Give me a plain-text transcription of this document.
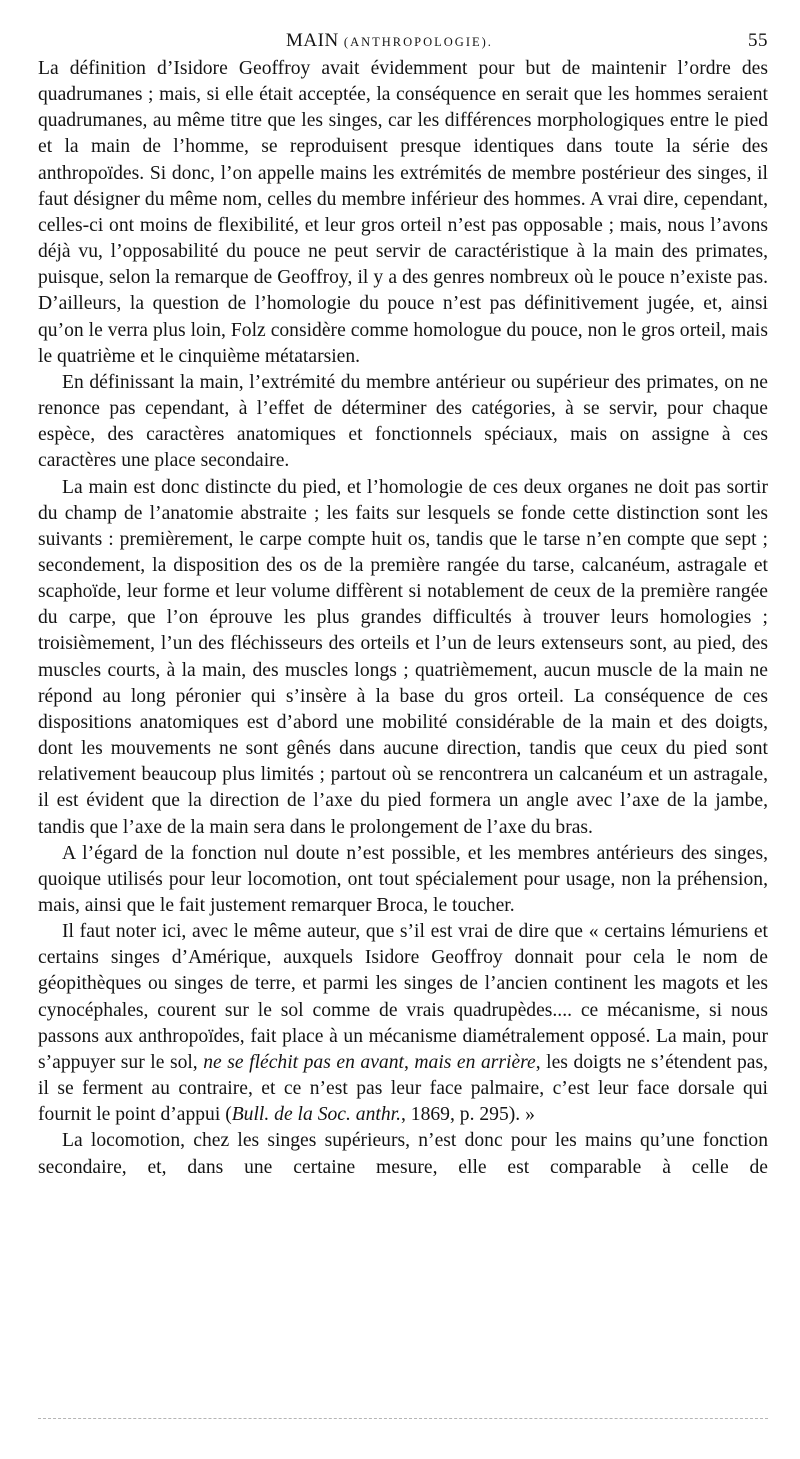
MAIN (ANTHROPOLOGIE).	55

La définition d’Isidore Geoffroy avait évidemment pour but de maintenir l’ordre des quadrumanes ; mais, si elle était acceptée, la conséquence en serait que les hommes seraient quadrumanes, au même titre que les singes, car les différences morphologiques entre le pied et la main de l’homme, se reproduisent presque identiques dans toute la série des anthropoïdes. Si donc, l’on appelle mains les extrémités de membre postérieur des singes, il faut désigner du même nom, celles du membre inférieur des hommes. A vrai dire, cependant, celles-ci ont moins de flexibilité, et leur gros orteil n’est pas opposable ; mais, nous l’avons déjà vu, l’opposabilité du pouce ne peut servir de caractéristique à la main des primates, puisque, selon la remarque de Geoffroy, il y a des genres nombreux où le pouce n’existe pas. D’ailleurs, la question de l’homologie du pouce n’est pas définitivement jugée, et, ainsi qu’on le verra plus loin, Folz considère comme homologue du pouce, non le gros orteil, mais le quatrième et le cinquième métatarsien.

En définissant la main, l’extrémité du membre antérieur ou supérieur des primates, on ne renonce pas cependant, à l’effet de déterminer des catégories, à se servir, pour chaque espèce, des caractères anatomiques et fonctionnels spéciaux, mais on assigne à ces caractères une place secondaire.

La main est donc distincte du pied, et l’homologie de ces deux organes ne doit pas sortir du champ de l’anatomie abstraite ; les faits sur lesquels se fonde cette distinction sont les suivants : premièrement, le carpe compte huit os, tandis que le tarse n’en compte que sept ; secondement, la disposition des os de la première rangée du tarse, calcanéum, astragale et scaphoïde, leur forme et leur volume diffèrent si notablement de ceux de la première rangée du carpe, que l’on éprouve les plus grandes difficultés à trouver leurs homologies ; troisièmement, l’un des fléchisseurs des orteils et l’un de leurs extenseurs sont, au pied, des muscles courts, à la main, des muscles longs ; quatrièmement, aucun muscle de la main ne répond au long péronier qui s’insère à la base du gros orteil. La conséquence de ces dispositions anatomiques est d’abord une mobilité considérable de la main et des doigts, dont les mouvements ne sont gênés dans aucune direction, tandis que ceux du pied sont relativement beaucoup plus limités ; partout où se rencontrera un calcanéum et un astragale, il est évident que la direction de l’axe du pied formera un angle avec l’axe de la jambe, tandis que l’axe de la main sera dans le prolongement de l’axe du bras.

A l’égard de la fonction nul doute n’est possible, et les membres antérieurs des singes, quoique utilisés pour leur locomotion, ont tout spécialement pour usage, non la préhension, mais, ainsi que le fait justement remarquer Broca, le toucher.

Il faut noter ici, avec le même auteur, que s’il est vrai de dire que « certains lémuriens et certains singes d’Amérique, auxquels Isidore Geoffroy donnait pour cela le nom de géopithèques ou singes de terre, et parmi les singes de l’ancien continent les magots et les cynocéphales, courent sur le sol comme de vrais quadrupèdes.... ce mécanisme, si nous passons aux anthropoïdes, fait place à un mécanisme diamétralement opposé. La main, pour s’appuyer sur le sol, ne se fléchit pas en avant, mais en arrière, les doigts ne s’étendent pas, il se ferment au contraire, et ce n’est pas leur face palmaire, c’est leur face dorsale qui fournit le point d’appui (Bull. de la Soc. anthr., 1869, p. 295). »

La locomotion, chez les singes supérieurs, n’est donc pour les mains qu’une fonction secondaire, et, dans une certaine mesure, elle est comparable à celle de
